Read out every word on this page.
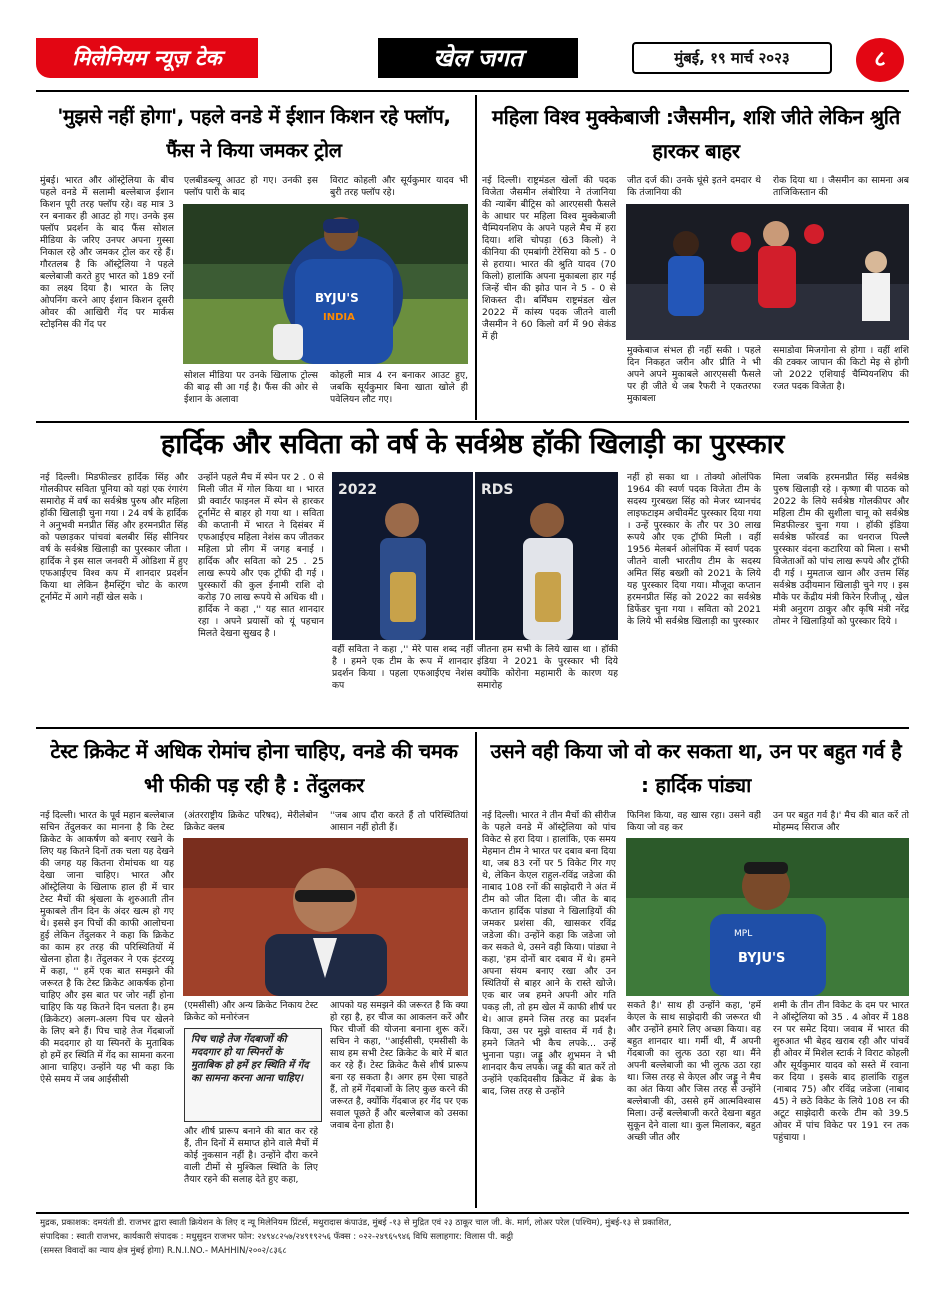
मिलेनियम न्यूज़ टेक	खेल जगत	मुंबई, १९ मार्च २०२३	८
'मुझसे नहीं होगा', पहले वनडे में ईशान किशन रहे फ्लॉप, फैंस ने किया जमकर ट्रोल
मुंबई। भारत और ऑस्ट्रेलिया के बीच पहले वनडे में सलामी बल्लेबाज ईशान किशन पूरी तरह फ्लॉप रहे। वह मात्र 3 रन बनाकर ही आउट हो गए। उनके इस फ्लॉप प्रदर्शन के बाद फैंस सोशल मीडिया के जरिए उनपर अपना गुस्सा निकाल रहे और जमकर ट्रोल कर रहे हैं। गौरतलब है कि ऑस्ट्रेलिया ने पहले बल्लेबाजी करते हुए भारत को 189 रनों का लक्ष्य दिया है। भारत के लिए ओपनिंग करने आए ईशान किशन दूसरी ओवर की आखिरी गेंद पर मार्कस स्टोइनिस की गेंद पर
एलबीडब्ल्यू आउट हो गए। उनकी इस फ्लॉप पारी के बाद
विराट कोहली और सूर्यकुमार यादव भी बुरी तरह फ्लॉप रहे।
BYJU'S
INDIA
सोशल मीडिया पर उनके खिलाफ ट्रोल्स की बाढ़ सी आ गई है। फैंस की ओर से ईशान के अलावा
कोहली मात्र 4 रन बनाकर आउट हुए, जबकि सूर्यकुमार बिना खाता खोले ही पवेलियन लौट गए।
महिला विश्व मुक्केबाजी :जैसमीन, शशि जीते लेकिन श्रुति हारकर बाहर
नई दिल्ली। राष्ट्रमंडल खेलों की पदक विजेता जैसमीन लंबोरिया ने तंजानिया की न्याबेंग बीट्रिस को आरएससी फैसले के आधार पर महिला विश्व मुक्केबाजी चैम्पियनशिप के अपने पहले मैच में हरा दिया। शशि चोपड़ा (63 किलो) ने कीनिया की एमबांगी टेरेसिया को 5 - 0 से हराया। भारत की श्रुति यादव (70 किलो) हालांकि अपना मुकाबला हार गई जिन्हें चीन की झोउ पान ने 5 - 0 से शिकस्त दी। बर्मिंघम राष्ट्रमंडल खेल 2022 में कांस्य पदक जीतने वाली जैसमीन ने 60 किलो वर्ग में 90 सेकंड में ही
जीत दर्ज की। उनके घूंसे इतने दमदार थे कि तंजानिया की
रोक दिया था । जैसमीन का सामना अब ताजिकिस्तान की
मुक्केबाज संभल ही नहीं सकी । पहले दिन निकहत जरीन और प्रीति ने भी अपने अपने मुकाबले आरएससी फैसले पर ही जीते थे जब रैफरी ने एकतरफा मुकाबला
समाडोवा मिजगोना से होगा । वहीं शशि की टक्कर जापान की किटो मेइ से होगी जो 2022 एशियाई चैम्पियनशिप की रजत पदक विजेता है।
हार्दिक और सविता को वर्ष के सर्वश्रेष्ठ हॉकी खिलाड़ी का पुरस्कार
नई दिल्ली। मिडफील्डर हार्दिक सिंह और गोलकीपर सविता पूनिया को यहां एक रंगारंग समारोह में वर्ष का सर्वश्रेष्ठ पुरुष और महिला हॉकी खिलाड़ी चुना गया । 24 वर्ष के हार्दिक ने अनुभवी मनप्रीत सिंह और हरमनप्रीत सिंह को पछाड़कर पांचवां बलबीर सिंह सीनियर वर्ष के सर्वश्रेष्ठ खिलाड़ी का पुरस्कार जीता । हार्दिक ने इस साल जनवरी में ओडिशा में हुए एफआईएच विश्व कप में शानदार प्रदर्शन किया था लेकिन हैमस्ट्रिंग चोट के कारण टूर्नामेंट में आगे नहीं खेल सके ।
उन्होंने पहले मैच में स्पेन पर 2 . 0 से मिली जीत में गोल किया था । भारत प्री क्वार्टर फाइनल में स्पेन से हारकर टूर्नामेंट से बाहर हो गया था । सविता की कप्तानी में भारत ने दिसंबर में एफआईएच महिला नेशंस कप जीतकर महिला प्रो लीग में जगह बनाई । हार्दिक और सविता को 25 . 25 लाख रूपये और एक ट्रॉफी दी गई । पुरस्कारों की कुल ईनामी राशि दो करोड़ 70 लाख रूपये से अधिक थी । हार्दिक ने कहा ,'' यह सात शानदार रहा । अपने प्रयासों को यूं पहचान मिलते देखना सुखद है ।
2022	RDS
वहीं सविता ने कहा ,'' मेरे पास शब्द नहीं है । हमने एक टीम के रूप में शानदार प्रदर्शन किया । पहला एफआईएच नेशंस कप
जीतना हम सभी के लिये खास था । हॉकी इंडिया ने 2021 के पुरस्कार भी दिये क्योंकि कोरोना महामारी के कारण यह समारोह
नहीं हो सका था । तोक्यो ओलंपिक 1964 की स्वर्ण पदक विजेता टीम के सदस्य गुरबख्श सिंह को मेजर ध्यानचंद लाइफटाइम अचीवमेंट पुरस्कार दिया गया । उन्हें पुरस्कार के तौर पर 30 लाख रूपये और एक ट्रॉफी मिली । वहीं 1956 मेलबर्न ओलंपिक में स्वर्ण पदक जीतने वाली भारतीय टीम के सदस्य अमित सिंह बख्शी को 2021 के लिये यह पुरस्कार दिया गया। मौजूदा कप्तान हरमनप्रीत सिंह को 2022 का सर्वश्रेष्ठ डिफेंडर चुना गया । सविता को 2021 के लिये भी सर्वश्रेष्ठ खिलाड़ी का पुरस्कार
मिला जबकि हरमनप्रीत सिंह सर्वश्रेष्ठ पुरुष खिलाड़ी रहे । कृष्णा बी पाठक को 2022 के लिये सर्वश्रेष्ठ गोलकीपर और महिला टीम की सुशीला चानू को सर्वश्रेष्ठ मिडफील्डर चुना गया । हॉकी इंडिया सर्वश्रेष्ठ फॉरवर्ड का धनराज पिल्लै पुरस्कार वंदना कटारिया को मिला । सभी विजेताओं को पांच लाख रूपये और ट्रॉफी दी गई । मुमताज खान और उत्तम सिंह सर्वश्रेष्ठ उदीयमान खिलाड़ी चुने गए । इस मौके पर केंद्रीय मंत्री किरेन रिजीजू , खेल मंत्री अनुराग ठाकुर और कृषि मंत्री नरेंद्र तोमर ने खिलाड़ियों को पुरस्कार दिये ।
टेस्ट क्रिकेट में अधिक रोमांच होना चाहिए, वनडे की चमक भी फीकी पड़ रही है : तेंदुलकर
नई दिल्ली। भारत के पूर्व महान बल्लेबाज सचिन तेंदुलकर का मानना है कि टेस्ट क्रिकेट के आकर्षण को बनाए रखने के लिए यह कितने दिनों तक चला यह देखने की जगह यह कितना रोमांचक था यह देखा जाना चाहिए। भारत और ऑस्ट्रेलिया के खिलाफ हाल ही में चार टेस्ट मैचों की श्रृंखला के शुरुआती तीन मुकाबले तीन दिन के अंदर खत्म हो गए थे। इससे इन पिचों की काफी आलोचना हुई लेकिन तेंदुलकर ने कहा कि क्रिकेट का काम हर तरह की परिस्थितियों में खेलना होता है। तेंदुलकर ने एक इंटरव्यू में कहा, '' हमें एक बात समझने की जरूरत है कि टेस्ट क्रिकेट आकर्षक होना चाहिए और इस बात पर जोर नहीं होना चाहिए कि यह कितने दिन चलता है। हम (क्रिकेटर) अलग-अलग पिच पर खेलने के लिए बने हैं। पिच चाहे तेज गेंदबाजों की मददगार हो या स्पिनरों के मुताबिक हो हमें हर स्थिति में गेंद का सामना करना आना चाहिए। उन्होंने यह भी कहा कि ऐसे समय में जब आईसीसी
(अंतरराष्ट्रीय क्रिकेट परिषद), मेरीलेबोन क्रिकेट क्लब
''जब आप दौरा करते हैं तो परिस्थितियां आसान नहीं होती हैं।
(एमसीसी) और अन्य क्रिकेट निकाय टेस्ट क्रिकेट को मनोरंजन
पिच चाहे तेज गेंदबाजों की मददगार हो या स्पिनरों के मुताबिक हो हमें हर स्थिति में गेंद का सामना करना आना चाहिए।
और शीर्ष प्रारूप बनाने की बात कर रहे हैं, तीन दिनों में समाप्त होने वाले मैचों में कोई नुकसान नहीं है। उन्होंने दौरा करने वाली टीमों से मुश्किल स्थिति के लिए तैयार रहने की सलाह देते हुए कहा,
आपको यह समझने की जरूरत है कि क्या हो रहा है, हर चीज का आकलन करें और फिर चीजों की योजना बनाना शुरू करें। सचिन ने कहा, ''आईसीसी, एमसीसी के साथ हम सभी टेस्ट क्रिकेट के बारे में बात कर रहे हैं। टेस्ट क्रिकेट कैसे शीर्ष प्रारूप बना रह सकता है। अगर हम ऐसा चाहते हैं, तो हमें गेंदबाजों के लिए कुछ करने की जरूरत है, क्योंकि गेंदबाज हर गेंद पर एक सवाल पूछते हैं और बल्लेबाज को उसका जवाब देना होता है।
उसने वही किया जो वो कर सकता था, उन पर बहुत गर्व है : हार्दिक पांड्या
नई दिल्ली। भारत ने तीन मैचों की सीरीज के पहले वनडे में ऑस्ट्रेलिया को पांच विकेट से हरा दिया । हालांकि, एक समय मेहमान टीम ने भारत पर दबाव बना दिया था, जब 83 रनों पर 5 विकेट गिर गए थे, लेकिन केएल राहुल-रविंद्र जडेजा की नाबाद 108 रनों की साझेदारी ने अंत में टीम को जीत दिला दी। जीत के बाद कप्तान हार्दिक पांड्या ने खिलाड़ियों की जमकर प्रशंसा की, खासकर रविंद्र जडेजा की। उन्होंने कहा कि जडेजा जो कर सकते थे, उसने वही किया। पांड्या ने कहा, 'हम दोनों बार दबाव में थे। हमने अपना संयम बनाए रखा और उन स्थितियों से बाहर आने के रास्ते खोजे। एक बार जब हमने अपनी ओर गति पकड़ ली, तो हम खेल में काफी शीर्ष पर थे। आज हमने जिस तरह का प्रदर्शन किया, उस पर मुझे वास्तव में गर्व है। हमने जितने भी कैच लपके... उन्हें भुनाना पड़ा। जड्डू और शुभमन ने भी शानदार कैच लपके। जड्डू की बात करें तो उन्होंने एकदिवसीय क्रिकेट में ब्रेक के बाद, जिस तरह से उन्होंने
फिनिश किया, वह खास रहा। उसने वही किया जो वह कर
उन पर बहुत गर्व है।' मैच की बात करें तो मोहम्मद सिराज और
BYJU'S
MPL
सकते है।' साथ ही उन्होंने कहा, 'हमें केएल के साथ साझेदारी की जरूरत थी और उन्होंने हमारे लिए अच्छा किया। वह बहुत शानदार था। गर्मी थी, मैं अपनी गेंदबाजी का लुत्फ उठा रहा था। मैंने अपनी बल्लेबाजी का भी लुत्फ उठा रहा था। जिस तरह से केएल और जड्डू ने मैच का अंत किया और जिस तरह से उन्होंने बल्लेबाजी की, उससे हमें आत्मविश्वास मिला। उन्हें बल्लेबाजी करते देखना बहुत सुकून देने वाला था। कुल मिलाकर, बहुत अच्छी जीत और
शमी के तीन तीन विकेट के दम पर भारत ने ऑस्ट्रेलिया को 35 . 4 ओवर में 188 रन पर समेट दिया। जवाब में भारत की शुरुआत भी बेहद खराब रही और पांचवें ही ओवर में मिशेल स्टार्क ने विराट कोहली और सूर्यकुमार यादव को सस्ते में रवाना कर दिया । इसके बाद हालांकि राहुल (नाबाद 75) और रविंद्र जडेजा (नाबाद 45) ने छठे विकेट के लिये 108 रन की अटूट साझेदारी करके टीम को 39.5 ओवर में पांच विकेट पर 191 रन तक पहुंचाया ।
मुद्रक, प्रकाशक: दमयंती डी. राजभर द्वारा स्वाती क्रियेशन के लिए द न्यू मिलेनियम प्रिंटर्स, मथुरादास कंपाउंड, मुंबई -१३ से मुद्रित एवं २३ ठाकूर चाल जी. के. मार्ग, लोअर परेल (पश्चिम), मुंबई-१३ से प्रकाशित,
संपादिका : स्वाती राजभर, कार्यकारी संपादक : मधुसुदन राजभर फोन: २४९४८२५७/२४९१९२५६ फॅक्स : ०२२-२४९६५९४६ विधि सलाहगार: विलास पी. कट्ठी
(समस्त विवादों का न्याय क्षेत्र मुंबई होगा) R.N.I.NO.- MAHHIN/२००२/८३६८
